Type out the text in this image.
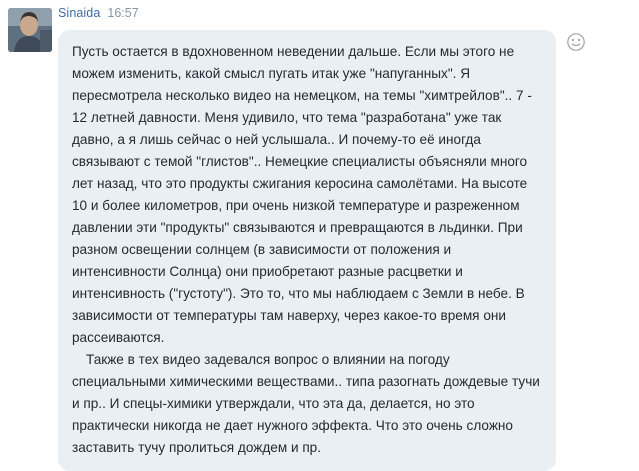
Sinaida 16:57

Пусть остается в вдохновенном неведении дальше. Если мы этого не можем изменить, какой смысл пугать итак уже "напуганных". Я пересмотрела несколько видео на немецком, на темы "химтрейлов".. 7 - 12 летней давности. Меня удивило, что тема "разработана" уже так давно, а я лишь сейчас о ней услышала.. И почему-то её иногда связывают с темой "глистов".. Немецкие специалисты объясняли много лет назад, что это продукты сжигания керосина самолётами. На высоте 10 и более километров, при очень низкой температуре и разреженном давлении эти "продукты" связываются и превращаются в льдинки. При разном освещении солнцем (в зависимости от положения и интенсивности Солнца) они приобретают разные расцветки и интенсивность ("густоту"). Это то, что мы наблюдаем с Земли в небе. В зависимости от температуры там наверху, через какое-то время они рассеиваются.

Также в тех видео задевался вопрос о влиянии на погоду специальными химическими веществами.. типа разогнать дождевые тучи и пр.. И спецы-химики утверждали, что эта да, делается, но это практически никогда не дает нужного эффекта. Что это очень сложно заставить тучу пролиться дождем и пр.
